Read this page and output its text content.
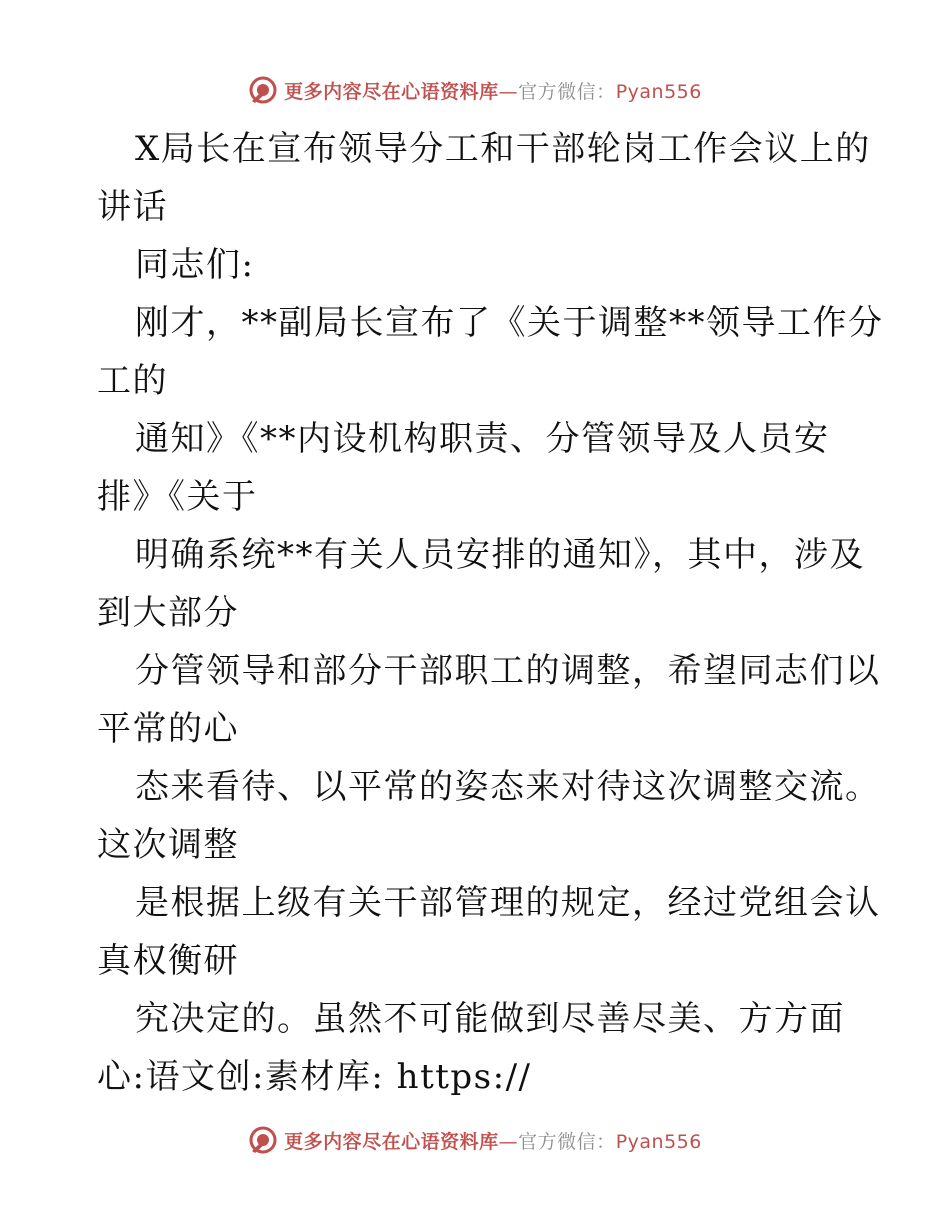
更多内容尽在心语资料库—官方微信：Pyan556
X局长在宣布领导分工和干部轮岗工作会议上的
讲话
同志们:
刚才，**副局长宣布了《关于调整**领导工作分
工的
通知》《**内设机构职责、分管领导及人员安
排》《关于
明确系统**有关人员安排的通知》，其中，涉及
到大部分
分管领导和部分干部职工的调整，希望同志们以
平常的心
态来看待、以平常的姿态来对待这次调整交流。
这次调整
是根据上级有关干部管理的规定，经过党组会认
真权衡研
究决定的。虽然不可能做到尽善尽美、方方面
心:语文创:素材库: https://
更多内容尽在心语资料库—官方微信：Pyan556
